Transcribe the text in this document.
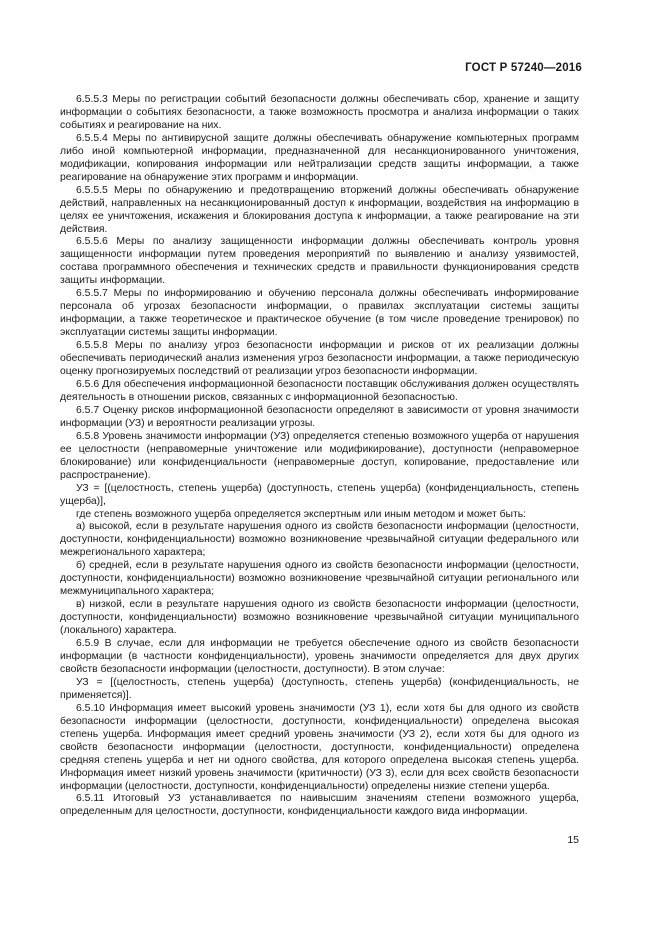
ГОСТ Р 57240—2016

6.5.5.3 Меры по регистрации событий безопасности должны обеспечивать сбор, хранение и защиту информации о событиях безопасности, а также возможность просмотра и анализа информации о таких событиях и реагирование на них.

6.5.5.4 Меры по антивирусной защите должны обеспечивать обнаружение компьютерных программ либо иной компьютерной информации, предназначенной для несанкционированного уничтожения, модификации, копирования информации или нейтрализации средств защиты информации, а также реагирование на обнаружение этих программ и информации.

6.5.5.5 Меры по обнаружению и предотвращению вторжений должны обеспечивать обнаружение действий, направленных на несанкционированный доступ к информации, воздействия на информацию в целях ее уничтожения, искажения и блокирования доступа к информации, а также реагирование на эти действия.

6.5.5.6 Меры по анализу защищенности информации должны обеспечивать контроль уровня защищенности информации путем проведения мероприятий по выявлению и анализу уязвимостей, состава программного обеспечения и технических средств и правильности функционирования средств защиты информации.

6.5.5.7 Меры по информированию и обучению персонала должны обеспечивать информирование персонала об угрозах безопасности информации, о правилах эксплуатации системы защиты информации, а также теоретическое и практическое обучение (в том числе проведение тренировок) по эксплуатации системы защиты информации.

6.5.5.8 Меры по анализу угроз безопасности информации и рисков от их реализации должны обеспечивать периодический анализ изменения угроз безопасности информации, а также периодическую оценку прогнозируемых последствий от реализации угроз безопасности информации.

6.5.6 Для обеспечения информационной безопасности поставщик обслуживания должен осуществлять деятельность в отношении рисков, связанных с информационной безопасностью.

6.5.7 Оценку рисков информационной безопасности определяют в зависимости от уровня значимости информации (УЗ) и вероятности реализации угрозы.

6.5.8 Уровень значимости информации (УЗ) определяется степенью возможного ущерба от нарушения ее целостности (неправомерные уничтожение или модификирование), доступности (неправомерное блокирование) или конфиденциальности (неправомерные доступ, копирование, предоставление или распространение).

УЗ = [(целостность, степень ущерба) (доступность, степень ущерба) (конфиденциальность, степень ущерба)],

где степень возможного ущерба определяется экспертным или иным методом и может быть:

а) высокой, если в результате нарушения одного из свойств безопасности информации (целостности, доступности, конфиденциальности) возможно возникновение чрезвычайной ситуации федерального или межрегионального характера;

б) средней, если в результате нарушения одного из свойств безопасности информации (целостности, доступности, конфиденциальности) возможно возникновение чрезвычайной ситуации регионального или межмуниципального характера;

в) низкой, если в результате нарушения одного из свойств безопасности информации (целостности, доступности, конфиденциальности) возможно возникновение чрезвычайной ситуации муниципального (локального) характера.

6.5.9 В случае, если для информации не требуется обеспечение одного из свойств безопасности информации (в частности конфиденциальности), уровень значимости определяется для двух других свойств безопасности информации (целостности, доступности). В этом случае:

УЗ = [(целостность, степень ущерба) (доступность, степень ущерба) (конфиденциальность, не применяется)].

6.5.10 Информация имеет высокий уровень значимости (УЗ 1), если хотя бы для одного из свойств безопасности информации (целостности, доступности, конфиденциальности) определена высокая степень ущерба. Информация имеет средний уровень значимости (УЗ 2), если хотя бы для одного из свойств безопасности информации (целостности, доступности, конфиденциальности) определена средняя степень ущерба и нет ни одного свойства, для которого определена высокая степень ущерба. Информация имеет низкий уровень значимости (критичности) (УЗ 3), если для всех свойств безопасности информации (целостности, доступности, конфиденциальности) определены низкие степени ущерба.

6.5.11 Итоговый УЗ устанавливается по наивысшим значениям степени возможного ущерба, определенным для целостности, доступности, конфиденциальности каждого вида информации.

15
